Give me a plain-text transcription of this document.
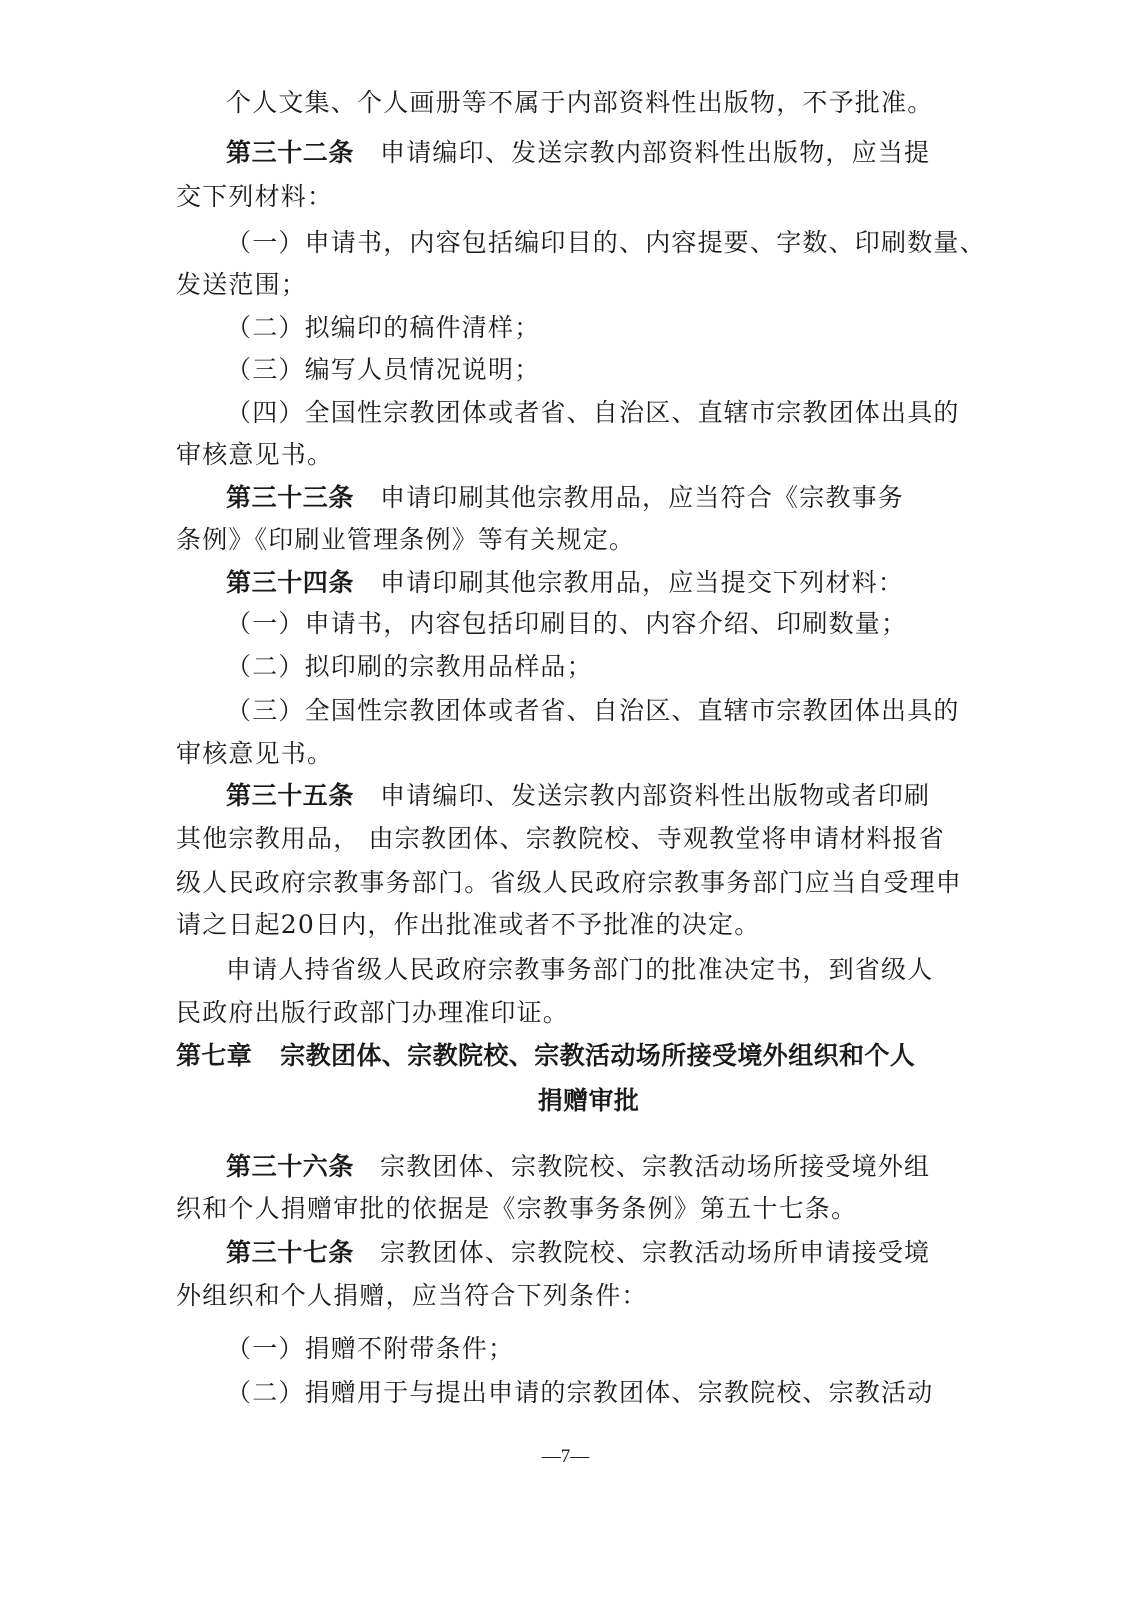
个人文集、个人画册等不属于内部资料性出版物，不予批准。
第三十二条 申请编印、发送宗教内部资料性出版物，应当提
交下列材料：
（一）申请书，内容包括编印目的、内容提要、字数、印刷数量、
发送范围；
（二）拟编印的稿件清样；
（三）编写人员情况说明；
（四）全国性宗教团体或者省、自治区、直辖市宗教团体出具的
审核意见书。
第三十三条 申请印刷其他宗教用品，应当符合《宗教事务
条例》《印刷业管理条例》等有关规定。
第三十四条 申请印刷其他宗教用品，应当提交下列材料：
（一）申请书，内容包括印刷目的、内容介绍、印刷数量；
（二）拟印刷的宗教用品样品；
（三）全国性宗教团体或者省、自治区、直辖市宗教团体出具的
审核意见书。
第三十五条 申请编印、发送宗教内部资料性出版物或者印刷
其他宗教用品， 由宗教团体、宗教院校、寺观教堂将申请材料报省
级人民政府宗教事务部门。省级人民政府宗教事务部门应当自受理申
请之日起20日内，作出批准或者不予批准的决定。
申请人持省级人民政府宗教事务部门的批准决定书，到省级人
民政府出版行政部门办理准印证。
第七章 宗教团体、宗教院校、宗教活动场所接受境外组织和个人
捐赠审批
第三十六条 宗教团体、宗教院校、宗教活动场所接受境外组
织和个人捐赠审批的依据是《宗教事务条例》第五十七条。
第三十七条 宗教团体、宗教院校、宗教活动场所申请接受境
外组织和个人捐赠，应当符合下列条件：
（一）捐赠不附带条件；
（二）捐赠用于与提出申请的宗教团体、宗教院校、宗教活动
—7—
